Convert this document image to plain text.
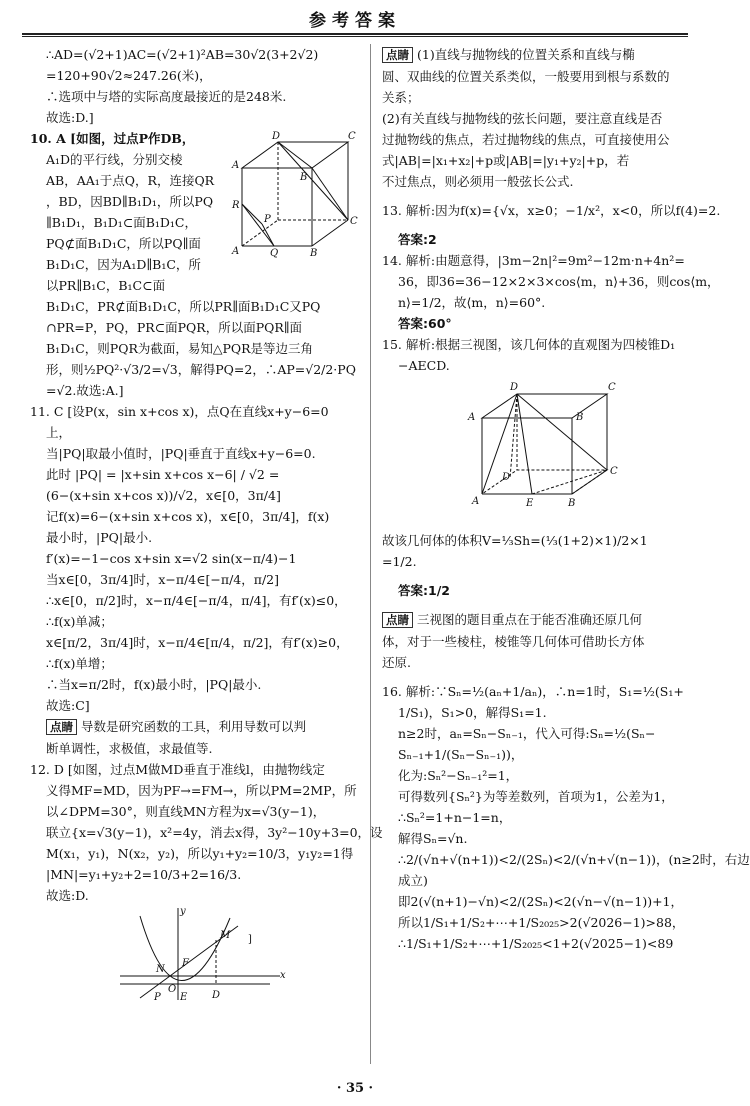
参考答案
∴AD=(√2+1)AC=(√2+1)²AB=30√2(3+2√2)
=120+90√2≈247.26(米)，
∴选项中与塔的实际高度最接近的是248米.
故选:D.]
D	C
A
B
R
P
Q	B
C
A
10. A [如图，过点P作DB，
A₁D的平行线，分别交棱
AB，AA₁于点Q，R，连接QR
，BD，因BD∥B₁D₁，所以PQ
∥B₁D₁，B₁D₁⊂面B₁D₁C，
PQ⊄面B₁D₁C，所以PQ∥面
B₁D₁C，因为A₁D∥B₁C，所
以PR∥B₁C，B₁C⊂面
B₁D₁C，PR⊄面B₁D₁C，所以PR∥面B₁D₁C又PQ
∩PR=P，PQ，PR⊂面PQR，所以面PQR∥面
B₁D₁C，则PQR为截面，易知△PQR是等边三角
形，则½PQ²·√3/2=√3，解得PQ=2，∴AP=√2/2·PQ
=√2.故选:A.]
11. C [设P(x，sin x+cos x)，点Q在直线x+y−6=0
上，
当|PQ|取最小值时，|PQ|垂直于直线x+y−6=0.
此时 |PQ| = |x+sin x+cos x−6| / √2 =
(6−(x+sin x+cos x))/√2，x∈[0，3π/4]
记f(x)=6−(x+sin x+cos x)，x∈[0，3π/4]，f(x)
最小时，|PQ|最小.
f′(x)=−1−cos x+sin x=√2 sin(x−π/4)−1
当x∈[0，3π/4]时，x−π/4∈[−π/4，π/2]
∴x∈[0，π/2]时，x−π/4∈[−π/4，π/4]，有f′(x)≤0，
∴f(x)单减；
x∈[π/2，3π/4]时，x−π/4∈[π/4，π/2]，有f′(x)≥0，
∴f(x)单增；
∴当x=π/2时，f(x)最小时，|PQ|最小.
故选:C]
点睛 导数是研究函数的工具，利用导数可以判
断单调性，求极值，求最值等.
12. D [如图，过点M做MD垂直于准线l，由抛物线定
义得MF=MD，因为PF→=FM→，所以PM=2MP，所
以∠DPM=30°，则直线MN方程为x=√3(y−1)，
联立{x=√3(y−1)，x²=4y，消去x得，3y²−10y+3=0，设
M(x₁，y₁)，N(x₂，y₂)，所以y₁+y₂=10/3，y₁y₂=1得
|MN|=y₁+y₂+2=10/3+2=16/3.
故选:D.
y
N
F
M
x
O
P E D
]
点睛 (1)直线与抛物线的位置关系和直线与椭
圆、双曲线的位置关系类似，一般要用到根与系数的
关系；
(2)有关直线与抛物线的弦长问题，要注意直线是否
过抛物线的焦点，若过抛物线的焦点，可直接使用公
式|AB|=|x₁+x₂|+p或|AB|=|y₁+y₂|+p，若
不过焦点，则必须用一般弦长公式.
13. 解析:因为f(x)={√x，x≥0；−1/x²，x<0，所以f(4)=2.
答案:2
14. 解析:由题意得，|3m−2n|²=9m²−12m·n+4n²=
36，即36=36−12×2×3×cos⟨m，n⟩+36，则cos⟨m，
n⟩=1/2，故⟨m，n⟩=60°.
答案:60°
15. 解析:根据三视图，该几何体的直观图为四棱锥D₁
−AECD.
D	C
A	B
D
C
A	E	B
故该几何体的体积V=⅓Sh=(⅓(1+2)×1)/2×1
=1/2.
答案:1/2
点睛 三视图的题目重点在于能否准确还原几何
体，对于一些棱柱，棱锥等几何体可借助长方体
还原.
16. 解析:∵Sₙ=½(aₙ+1/aₙ)，∴n=1时，S₁=½(S₁+
1/S₁)，S₁>0，解得S₁=1.
n≥2时，aₙ=Sₙ−Sₙ₋₁，代入可得:Sₙ=½(Sₙ−
Sₙ₋₁+1/(Sₙ−Sₙ₋₁))，
化为:Sₙ²−Sₙ₋₁²=1，
可得数列{Sₙ²}为等差数列，首项为1，公差为1，
∴Sₙ²=1+n−1=n，
解得Sₙ=√n.
∴2/(√n+√(n+1))<2/(2Sₙ)<2/(√n+√(n−1))，(n≥2时，右边
成立)
即2(√(n+1)−√n)<2/(2Sₙ)<2(√n−√(n−1))+1，
所以1/S₁+1/S₂+⋯+1/S₂₀₂₅>2(√2026−1)>88，
∴1/S₁+1/S₂+⋯+1/S₂₀₂₅<1+2(√2025−1)<89
· 35 ·
